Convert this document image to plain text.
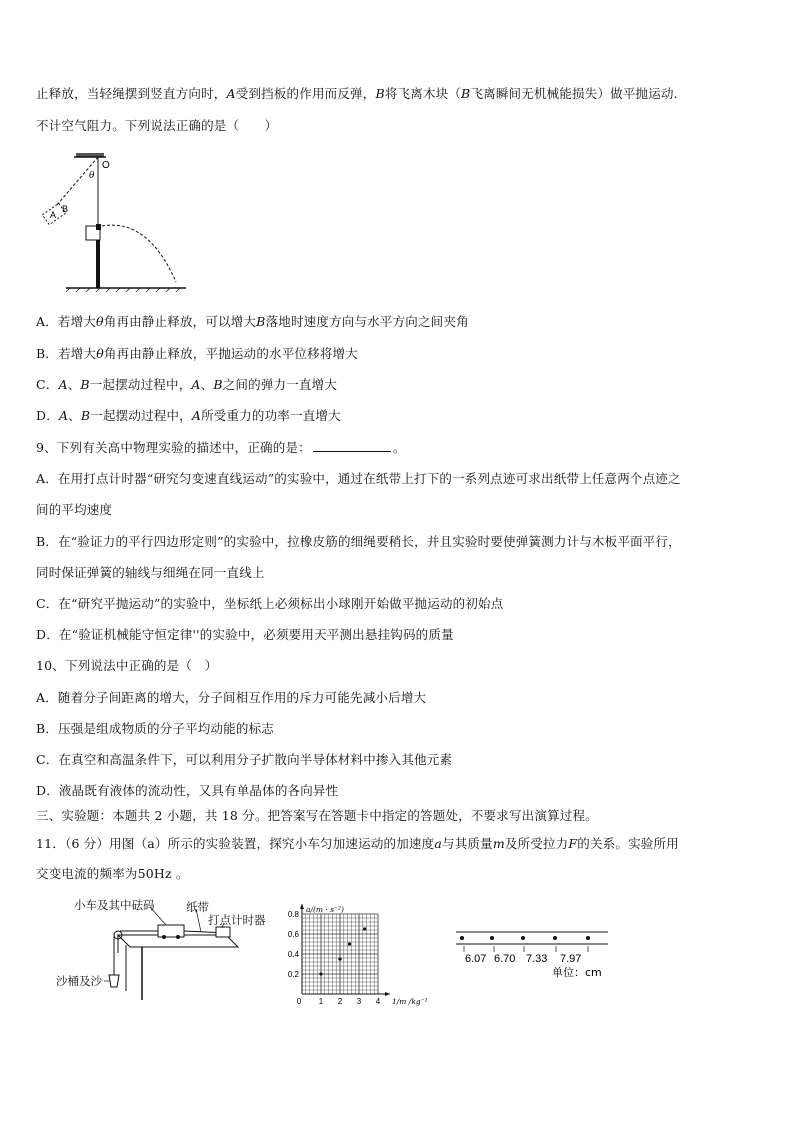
止释放，当轻绳摆到竖直方向时，A受到挡板的作用而反弹，B将飞离木块（B飞离瞬间无机械能损失）做平抛运动.
不计空气阻力。下列说法正确的是（　　）
O
θ
A
B
A．若增大θ角再由静止释放，可以增大B落地时速度方向与水平方向之间夹角
B．若增大θ角再由静止释放，平抛运动的水平位移将增大
C．A、B一起摆动过程中，A、B之间的弹力一直增大
D．A、B一起摆动过程中，A所受重力的功率一直增大
9、下列有关高中物理实验的描述中，正确的是：	。
A．在用打点计时器“研究匀变速直线运动”的实验中，通过在纸带上打下的一系列点迹可求出纸带上任意两个点迹之
间的平均速度
B．在“验证力的平行四边形定则”的实验中，拉橡皮筋的细绳要稍长，并且实验时要使弹簧测力计与木板平面平行，
同时保证弹簧的轴线与细绳在同一直线上
C．在“研究平抛运动”的实验中，坐标纸上必须标出小球刚开始做平抛运动的初始点
D．在“验证机械能守恒定律''的实验中，必须要用天平测出悬挂钩码的质量
10、下列说法中正确的是（　）
A．随着分子间距离的增大，分子间相互作用的斥力可能先减小后增大
B．压强是组成物质的分子平均动能的标志
C．在真空和高温条件下，可以利用分子扩散向半导体材料中掺入其他元素
D．液晶既有液体的流动性，又具有单晶体的各向异性
三、实验题：本题共 2 小题，共 18 分。把答案写在答题卡中指定的答题处，不要求写出演算过程。
11．（6 分）用图（a）所示的实验装置，探究小车匀加速运动的加速度a与其质量m及所受拉力F的关系。实验所用
交变电流的频率为50Hz 。
小车及其中砝码	纸带
打点计时器
沙桶及沙
0.8
0.6
0.4
0.2
0 1 2 3 4
a/(m · s⁻²)
1/m /kg⁻¹
6.07 6.70 7.33 7.97
单位：cm
